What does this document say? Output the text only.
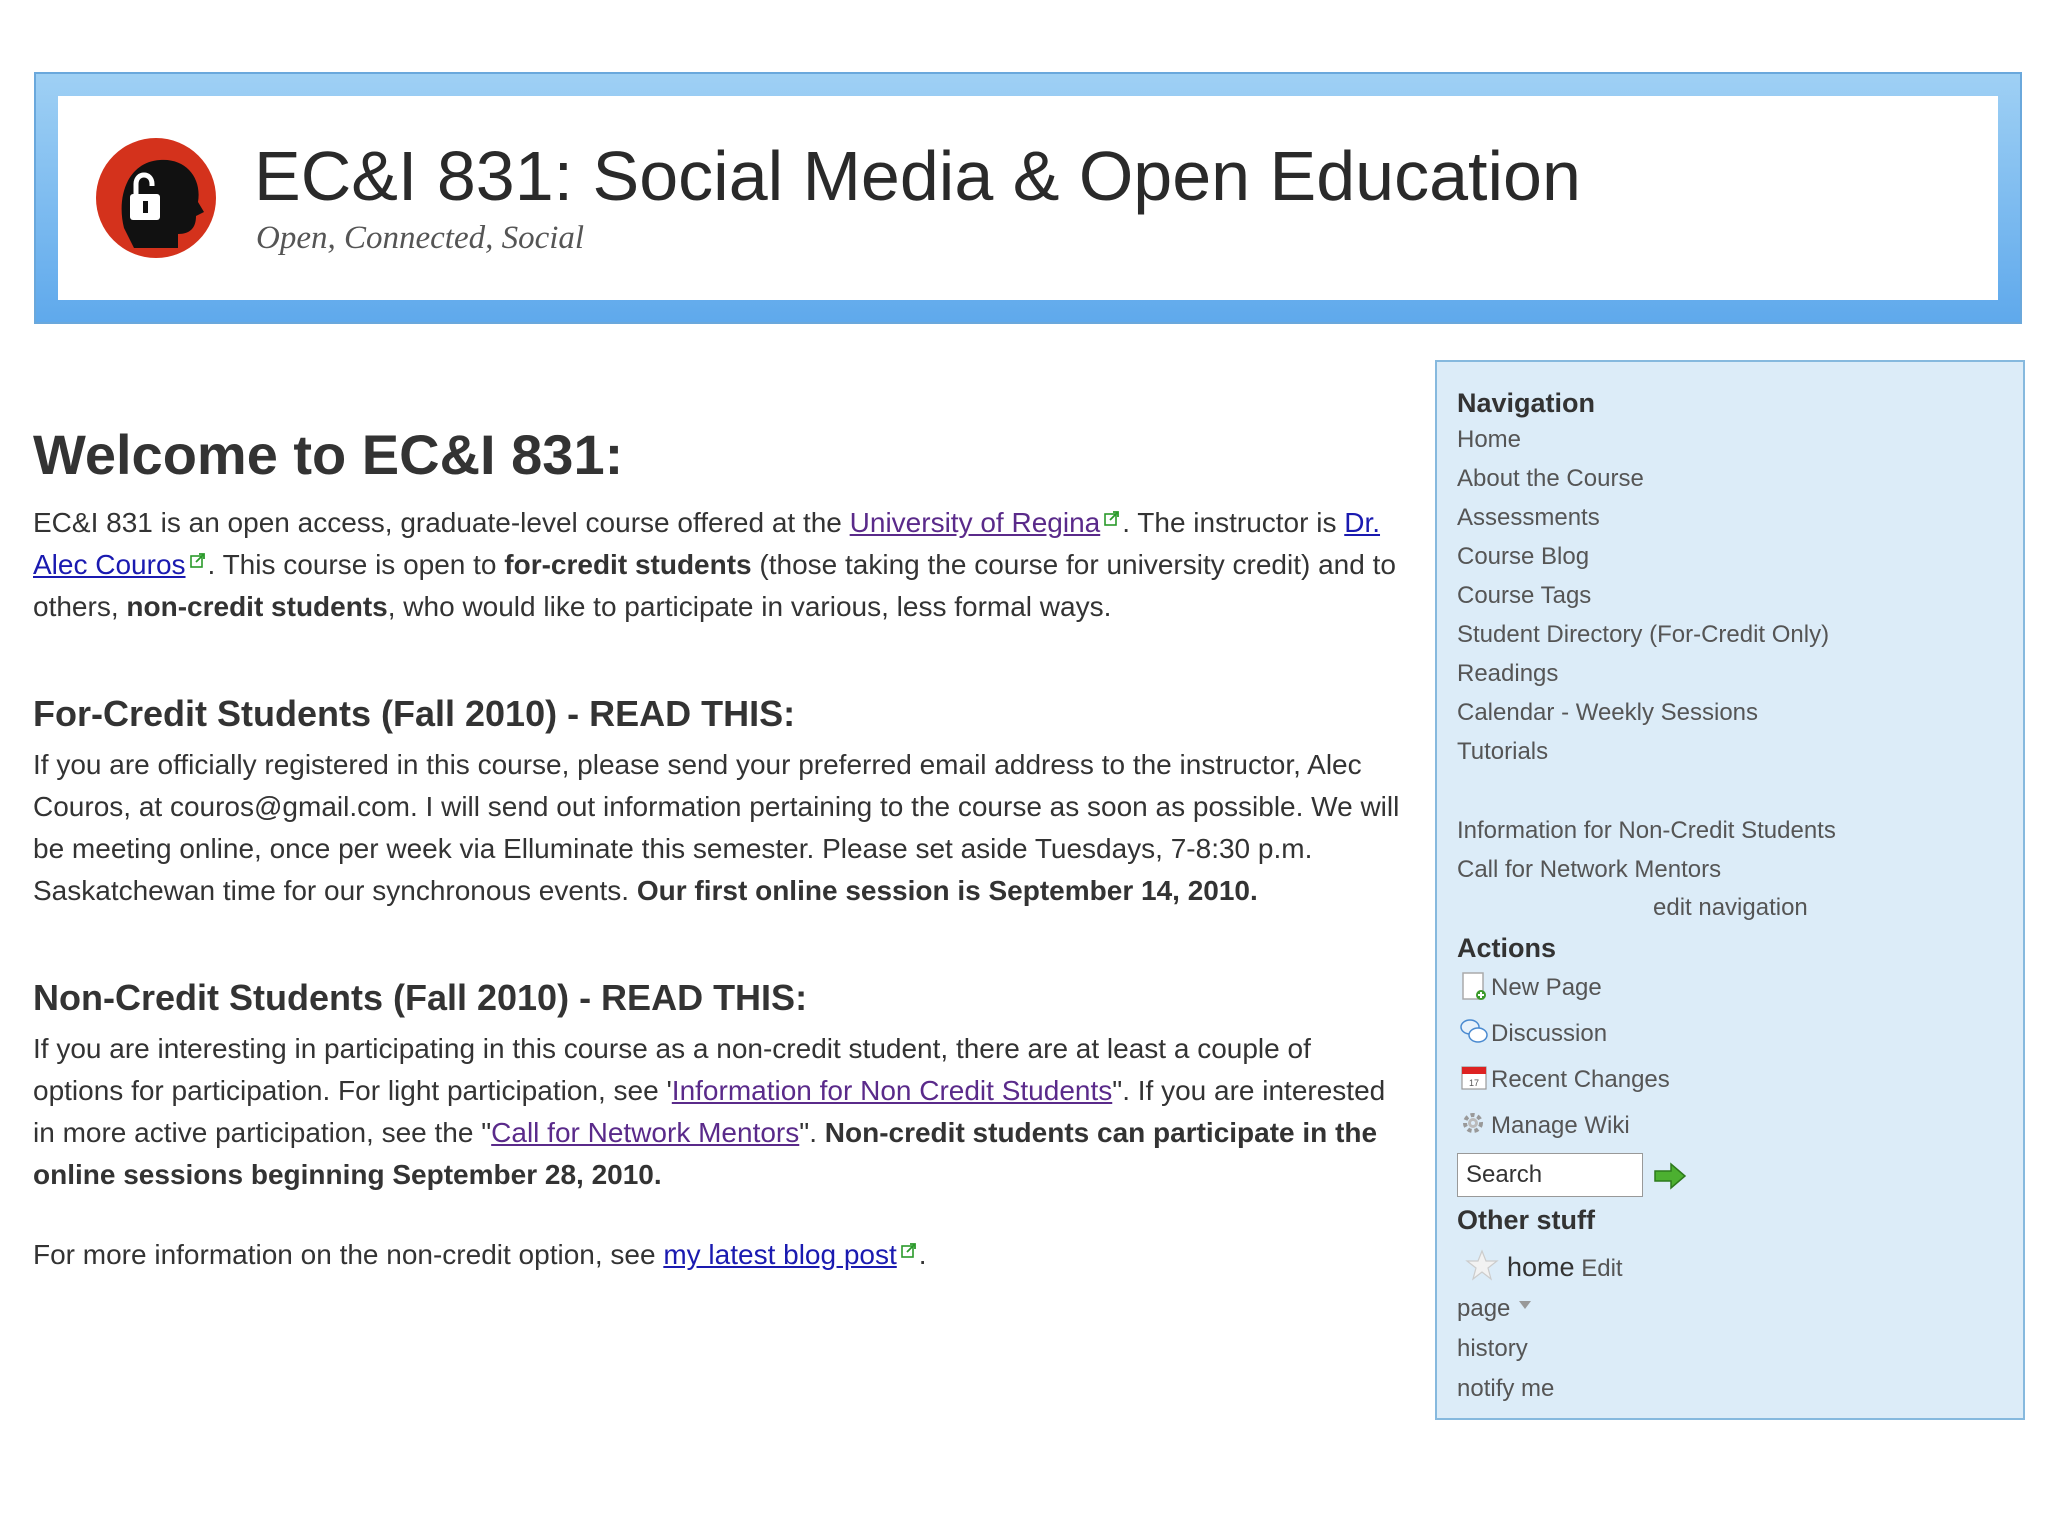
EC&I 831: Social Media & Open Education
Open, Connected, Social
Welcome to EC&I 831:

EC&I 831 is an open access, graduate-level course offered at the University of Regina . The instructor is Dr. Alec Couros . This course is open to for-credit students (those taking the course for university credit) and to others, non-credit students, who would like to participate in various, less formal ways.

For-Credit Students (Fall 2010) - READ THIS:

If you are officially registered in this course, please send your preferred email address to the instructor, Alec Couros, at couros@gmail.com. I will send out information pertaining to the course as soon as possible. We will be meeting online, once per week via Elluminate this semester. Please set aside Tuesdays, 7-8:30 p.m. Saskatchewan time for our synchronous events. Our first online session is September 14, 2010.

Non-Credit Students (Fall 2010) - READ THIS:

If you are interesting in participating in this course as a non-credit student, there are at least a couple of options for participation. For light participation, see 'Information for Non Credit Students". If you are interested in more active participation, see the "Call for Network Mentors". Non-credit students can participate in the online sessions beginning September 28, 2010.

For more information on the non-credit option, see my latest blog post .

Navigation
Home
About the Course
Assessments
Course Blog
Course Tags
Student Directory (For-Credit Only)
Readings
Calendar - Weekly Sessions
Tutorials
Information for Non-Credit Students
Call for Network Mentors
edit navigation
Actions
New Page
Discussion
17 Recent Changes
Manage Wiki
Search
Other stuff
home Edit
page
history
notify me
